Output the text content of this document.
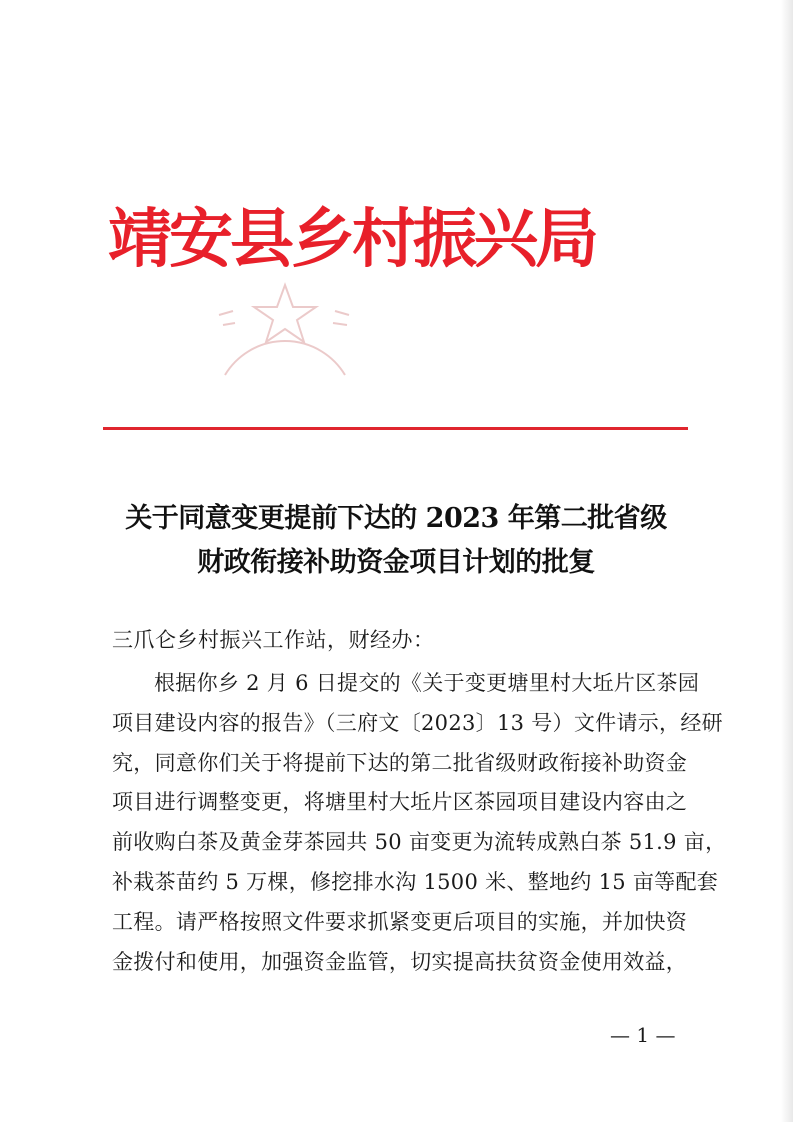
靖安县乡村振兴局
关于同意变更提前下达的 2023 年第二批省级
财政衔接补助资金项目计划的批复
三爪仑乡村振兴工作站，财经办：
根据你乡 2 月 6 日提交的《关于变更塘里村大坵片区茶园
项目建设内容的报告》（三府文〔2023〕13 号）文件请示，经研
究，同意你们关于将提前下达的第二批省级财政衔接补助资金
项目进行调整变更，将塘里村大坵片区茶园项目建设内容由之
前收购白茶及黄金芽茶园共 50 亩变更为流转成熟白茶 51.9 亩，
补栽茶苗约 5 万棵，修挖排水沟 1500 米、整地约 15 亩等配套
工程。请严格按照文件要求抓紧变更后项目的实施，并加快资
金拨付和使用，加强资金监管，切实提高扶贫资金使用效益，
— 1 —
